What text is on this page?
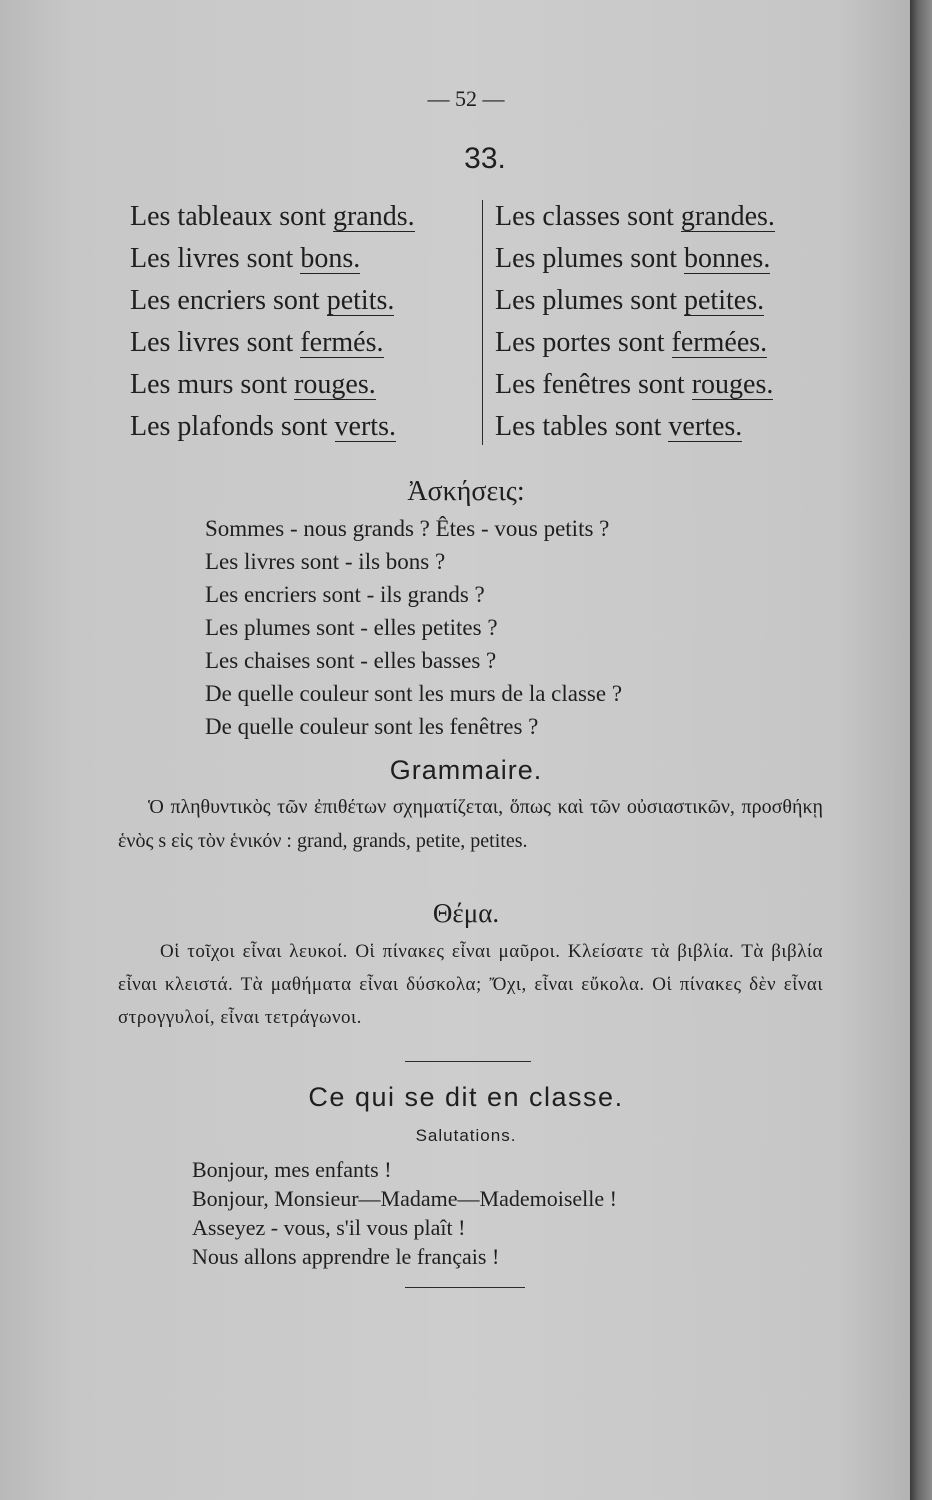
— 52 —
33.
Les tableaux sont grands.
Les livres sont bons.
Les encriers sont petits.
Les livres sont fermés.
Les murs sont rouges.
Les plafonds sont verts.
Les classes sont grandes.
Les plumes sont bonnes.
Les plumes sont petites.
Les portes sont fermées.
Les fenêtres sont rouges.
Les tables sont vertes.
Ἀσκήσεις:
Sommes - nous grands ? Êtes - vous petits ?
Les livres sont - ils bons ?
Les encriers sont - ils grands ?
Les plumes sont - elles petites ?
Les chaises sont - elles basses ?
De quelle couleur sont les murs de la classe ?
De quelle couleur sont les fenêtres ?
Grammaire.
Ὁ πληθυντικὸς τῶν ἐπιθέτων σχηματίζεται, ὅπως καὶ τῶν οὐσιαστικῶν, προσθήκῃ ἑνὸς s εἰς τὸν ἑνικόν : grand, grands, petite, petites.
Θέμα.
Οἱ τοῖχοι εἶναι λευκοί. Οἱ πίνακες εἶναι μαῦροι. Κλείσατε τὰ βιβλία. Τὰ βιβλία εἶναι κλειστά. Τὰ μαθήματα εἶναι δύσκολα; Ὄχι, εἶναι εὔκολα. Οἱ πίνακες δὲν εἶναι στρογγυλοί, εἶναι τετράγωνοι.
Ce qui se dit en classe.
Salutations.
Bonjour, mes enfants !
Bonjour, Monsieur—Madame—Mademoiselle !
Asseyez - vous, s'il vous plaît !
Nous allons apprendre le français !
